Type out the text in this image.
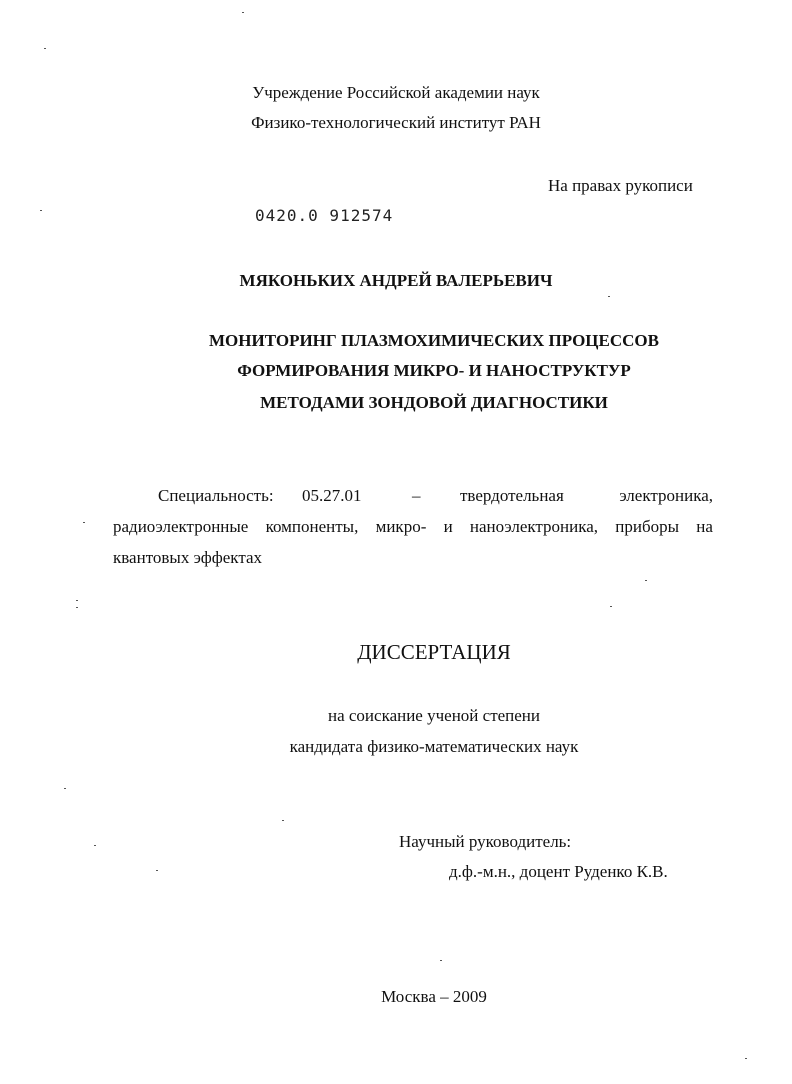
Учреждение Российской академии наук
Физико-технологический институт РАН
На правах рукописи
0420.0 912574
МЯКОНЬКИХ АНДРЕЙ ВАЛЕРЬЕВИЧ
МОНИТОРИНГ ПЛАЗМОХИМИЧЕСКИХ ПРОЦЕССОВ
ФОРМИРОВАНИЯ МИКРО- И НАНОСТРУКТУР
МЕТОДАМИ ЗОНДОВОЙ ДИАГНОСТИКИ
Специальность: 05.27.01	– твердотельная	электроника,
радиоэлектронные компоненты, микро- и наноэлектроника, приборы на
квантовых эффектах
ДИССЕРТАЦИЯ
на соискание ученой степени
кандидата физико-математических наук
Научный руководитель:
д.ф.-м.н., доцент Руденко К.В.
Москва – 2009
